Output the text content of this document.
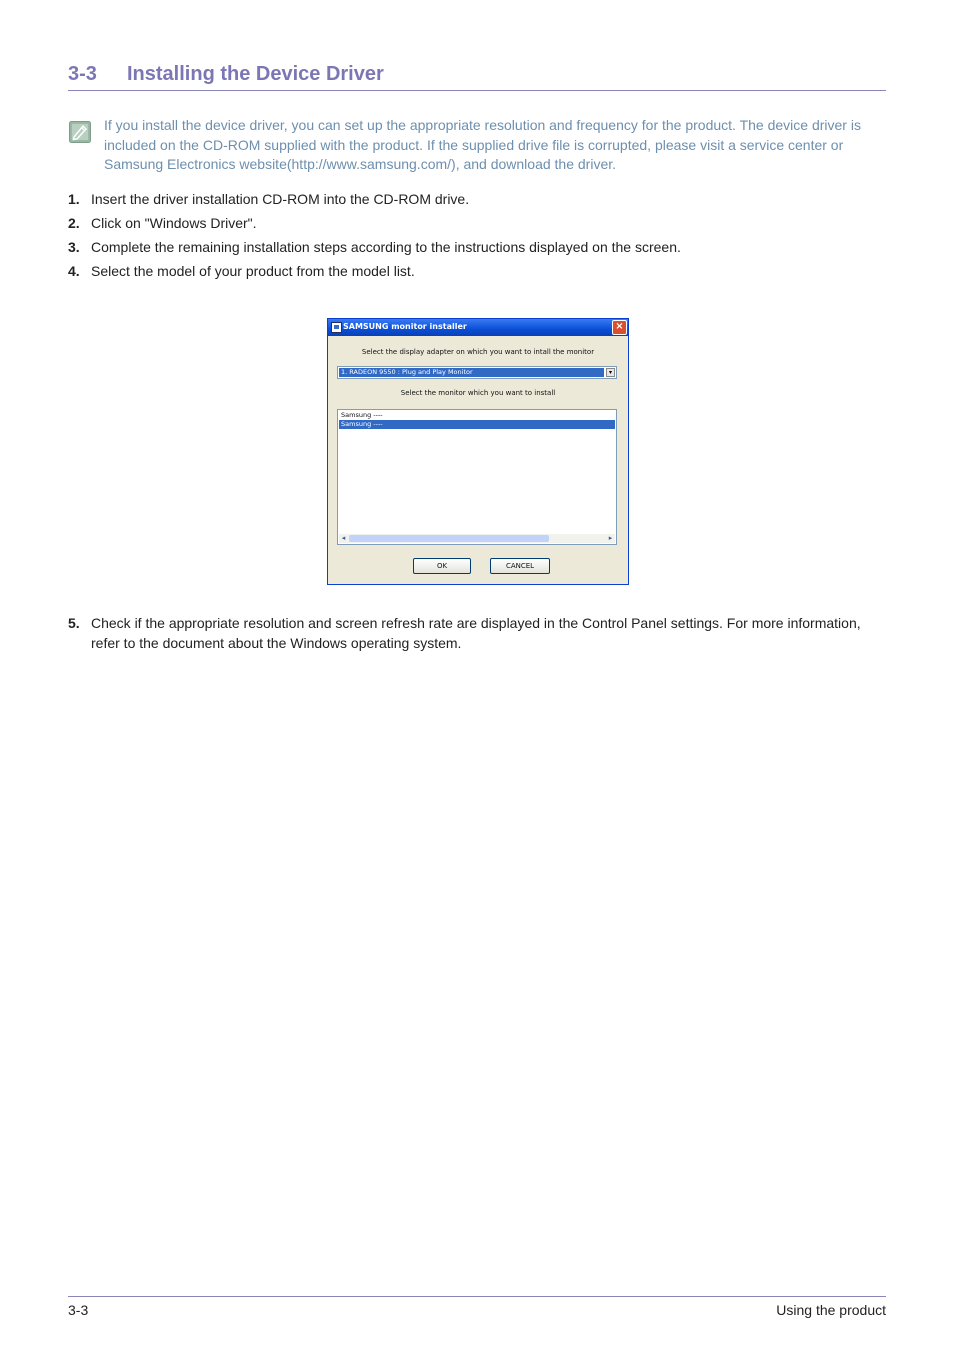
3-3 Installing the Device Driver

If you install the device driver, you can set up the appropriate resolution and frequency for the product. The device driver is included on the CD-ROM supplied with the product. If the supplied drive file is corrupted, please visit a service center or Samsung Electronics website(http://www.samsung.com/), and download the driver.

1. Insert the driver installation CD-ROM into the CD-ROM drive.
2. Click on "Windows Driver".
3. Complete the remaining installation steps according to the instructions displayed on the screen.
4. Select the model of your product from the model list.
SAMSUNG monitor installer	×
Select the display adapter on which you want to intall the monitor
1. RADEON 9550 : Plug and Play Monitor	▾
Select the monitor which you want to install
Samsung ----
Samsung ----
◂	▸
OK	CANCEL
5. Check if the appropriate resolution and screen refresh rate are displayed in the Control Panel settings. For more information, refer to the document about the Windows operating system.
3-3	Using the product
